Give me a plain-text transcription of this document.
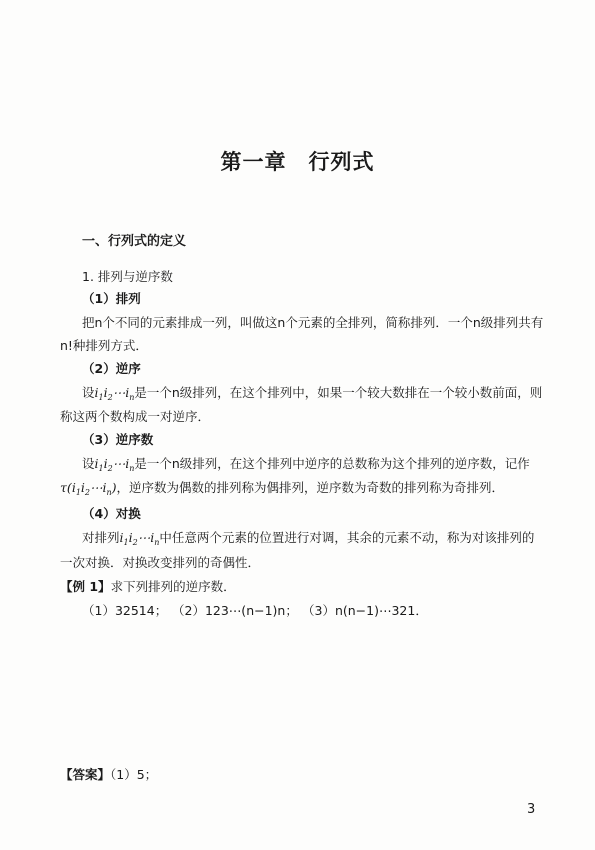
第一章　行列式
一、行列式的定义
1. 排列与逆序数
（1）排列
把n个不同的元素排成一列，叫做这n个元素的全排列，简称排列．一个n级排列共有
n!种排列方式．
（2）逆序
设$i_1i_2\cdots i_n$是一个n级排列，在这个排列中，如果一个较大数排在一个较小数前面，则
称这两个数构成一对逆序．
（3）逆序数
设$i_1i_2\cdots i_n$是一个n级排列，在这个排列中逆序的总数称为这个排列的逆序数，记作
$\tau(i_1i_2\cdots i_n)$，逆序数为偶数的排列称为偶排列，逆序数为奇数的排列称为奇排列．
（4）对换
对排列$i_1i_2\cdots i_n$中任意两个元素的位置进行对调，其余的元素不动，称为对该排列的
一次对换．对换改变排列的奇偶性．
【例 1】求下列排列的逆序数．
（1）32514； （2）123⋯(n−1)n； （3）n(n−1)⋯321．
【答案】（1）5；
3
